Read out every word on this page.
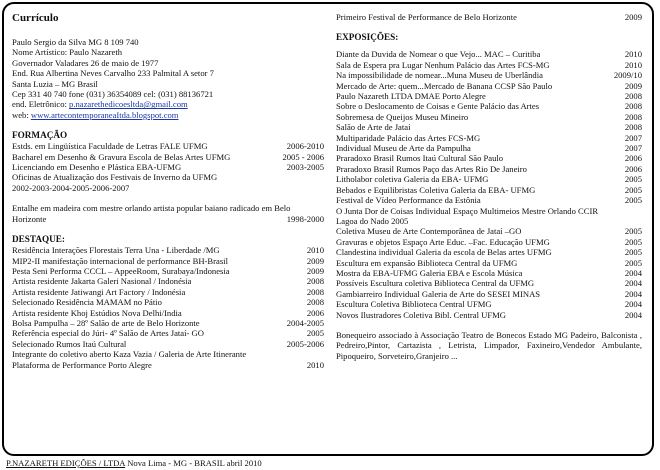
Currículo
Paulo Sergio da Silva MG 8 109 740
Nome Artístico: Paulo Nazareth
Governador Valadares 26 de maio de 1977
End. Rua Albertina Neves Carvalho 233 Palmital A setor 7
Santa Luzia – MG Brasil
Cep 331 40 740 fone (031) 36354089 cel: (031) 88136721
end. Eletrônico: p.nazarethedicoesltda@gmail.com
web: www.artecontemporaneaItda.blogspot.com
FORMAÇÃO
Estds. em Lingüística Faculdade de Letras FALE UFMG	2006-2010
Bacharel em Desenho & Gravura Escola de Belas Artes UFMG	2005 - 2006
Licenciando em Desenho e Plástica EBA-UFMG	2003-2005
Oficinas de Atualização dos Festivais de Inverno da UFMG
2002-2003-2004-2005-2006-2007
Entalhe em madeira com mestre orlando artista popular baiano radicado em Belo
Horizonte	1998-2000
DESTAQUE:
Residência Interações Florestais Terra Una - Liberdade /MG	2010
MIP2-II manifestação internacional de performance BH-Brasil	2009
Pesta Seni Performa CCCL – AppeeRoom, Surabaya/Indonesia	2009
Artista residente Jakarta Galeri Nasional / Indonésia	2008
Artista residente Jatiwangi Art Factory / Indonésia	2008
Selecionado Residência MAMAM no Pátio	2008
Artista residente Khoj Estúdios Nova Delhi/India	2006
Bolsa Pampulha – 28º Salão de arte de Belo Horizonte	2004-2005
Referência especial do Júri- 4º Salão de Artes Jataí- GO	2005
Selecionado Rumos Itaú Cultural	2005-2006
Integrante do coletivo aberto Kaza Vazia / Galeria de Arte Itinerante
Plataforma de Performance Porto Alegre	2010
Primeiro Festival de Performance de Belo Horizonte	2009
EXPOSIÇÕES:
Diante da Duvida de Nomear o que Vejo... MAC – Curitiba	2010
Sala de Espera pra Lugar Nenhum Palácio das Artes FCS-MG	2010
Na impossibilidade de nomear...Muna Museu de Uberlândia	2009/10
Mercado de Arte: quem...Mercado de Banana CCSP São Paulo	2009
Paulo Nazareth LTDA DMAE Porto Alegre	2008
Sobre o Deslocamento de Coisas e Gente Palácio das Artes	2008
Sobremesa de Queijos Museu Mineiro	2008
Salão de Arte de Jataí	2008
Multiparidade Palácio das Artes FCS-MG	2007
Individual Museu de Arte da Pampulha	2007
Praradoxo Brasil Rumos Itaú Cultural São Paulo	2006
Praradoxo Brasil Rumos Paço das Artes Rio De Janeiro	2006
Litholabor coletiva Galeria da EBA- UFMG	2005
Bebados e Equilibristas Coletiva Galeria da EBA- UFMG	2005
Festival de Vídeo Performance da Estônia	2005
O Junta Dor de Coisas Individual Espaço Multimeios Mestre Orlando CCIR
Lagoa do Nado 2005
Coletiva Museu de Arte Contemporânea de Jataí –GO	2005
Gravuras e objetos Espaço Arte Educ. –Fac. Educação UFMG	2005
Clandestina individual Galeria da escola de Belas artes UFMG	2005
Escultura em expansão Biblioteca Central da UFMG	2005
Mostra da EBA-UFMG Galeria EBA e Escola Música	2004
Possíveis Escultura coletiva Biblioteca Central da UFMG	2004
Gambiarreiro Individual Galeria de Arte do SESEI MINAS	2004
Escultura Coletiva Biblioteca Central UFMG	2004
Novos Ilustradores Coletiva Bibl. Central UFMG	2004
Bonequeiro associado à Associação Teatro de Bonecos Estado MG Padeiro, Balconista , Pedreiro,Pintor, Cartazista , Letrista, Limpador, Faxineiro,Vendedor Ambulante, Pipoqueiro, Sorveteiro,Granjeiro ...
P.NAZARETH EDIÇÕES / LTDA Nova Lima - MG - BRASIL abril 2010
